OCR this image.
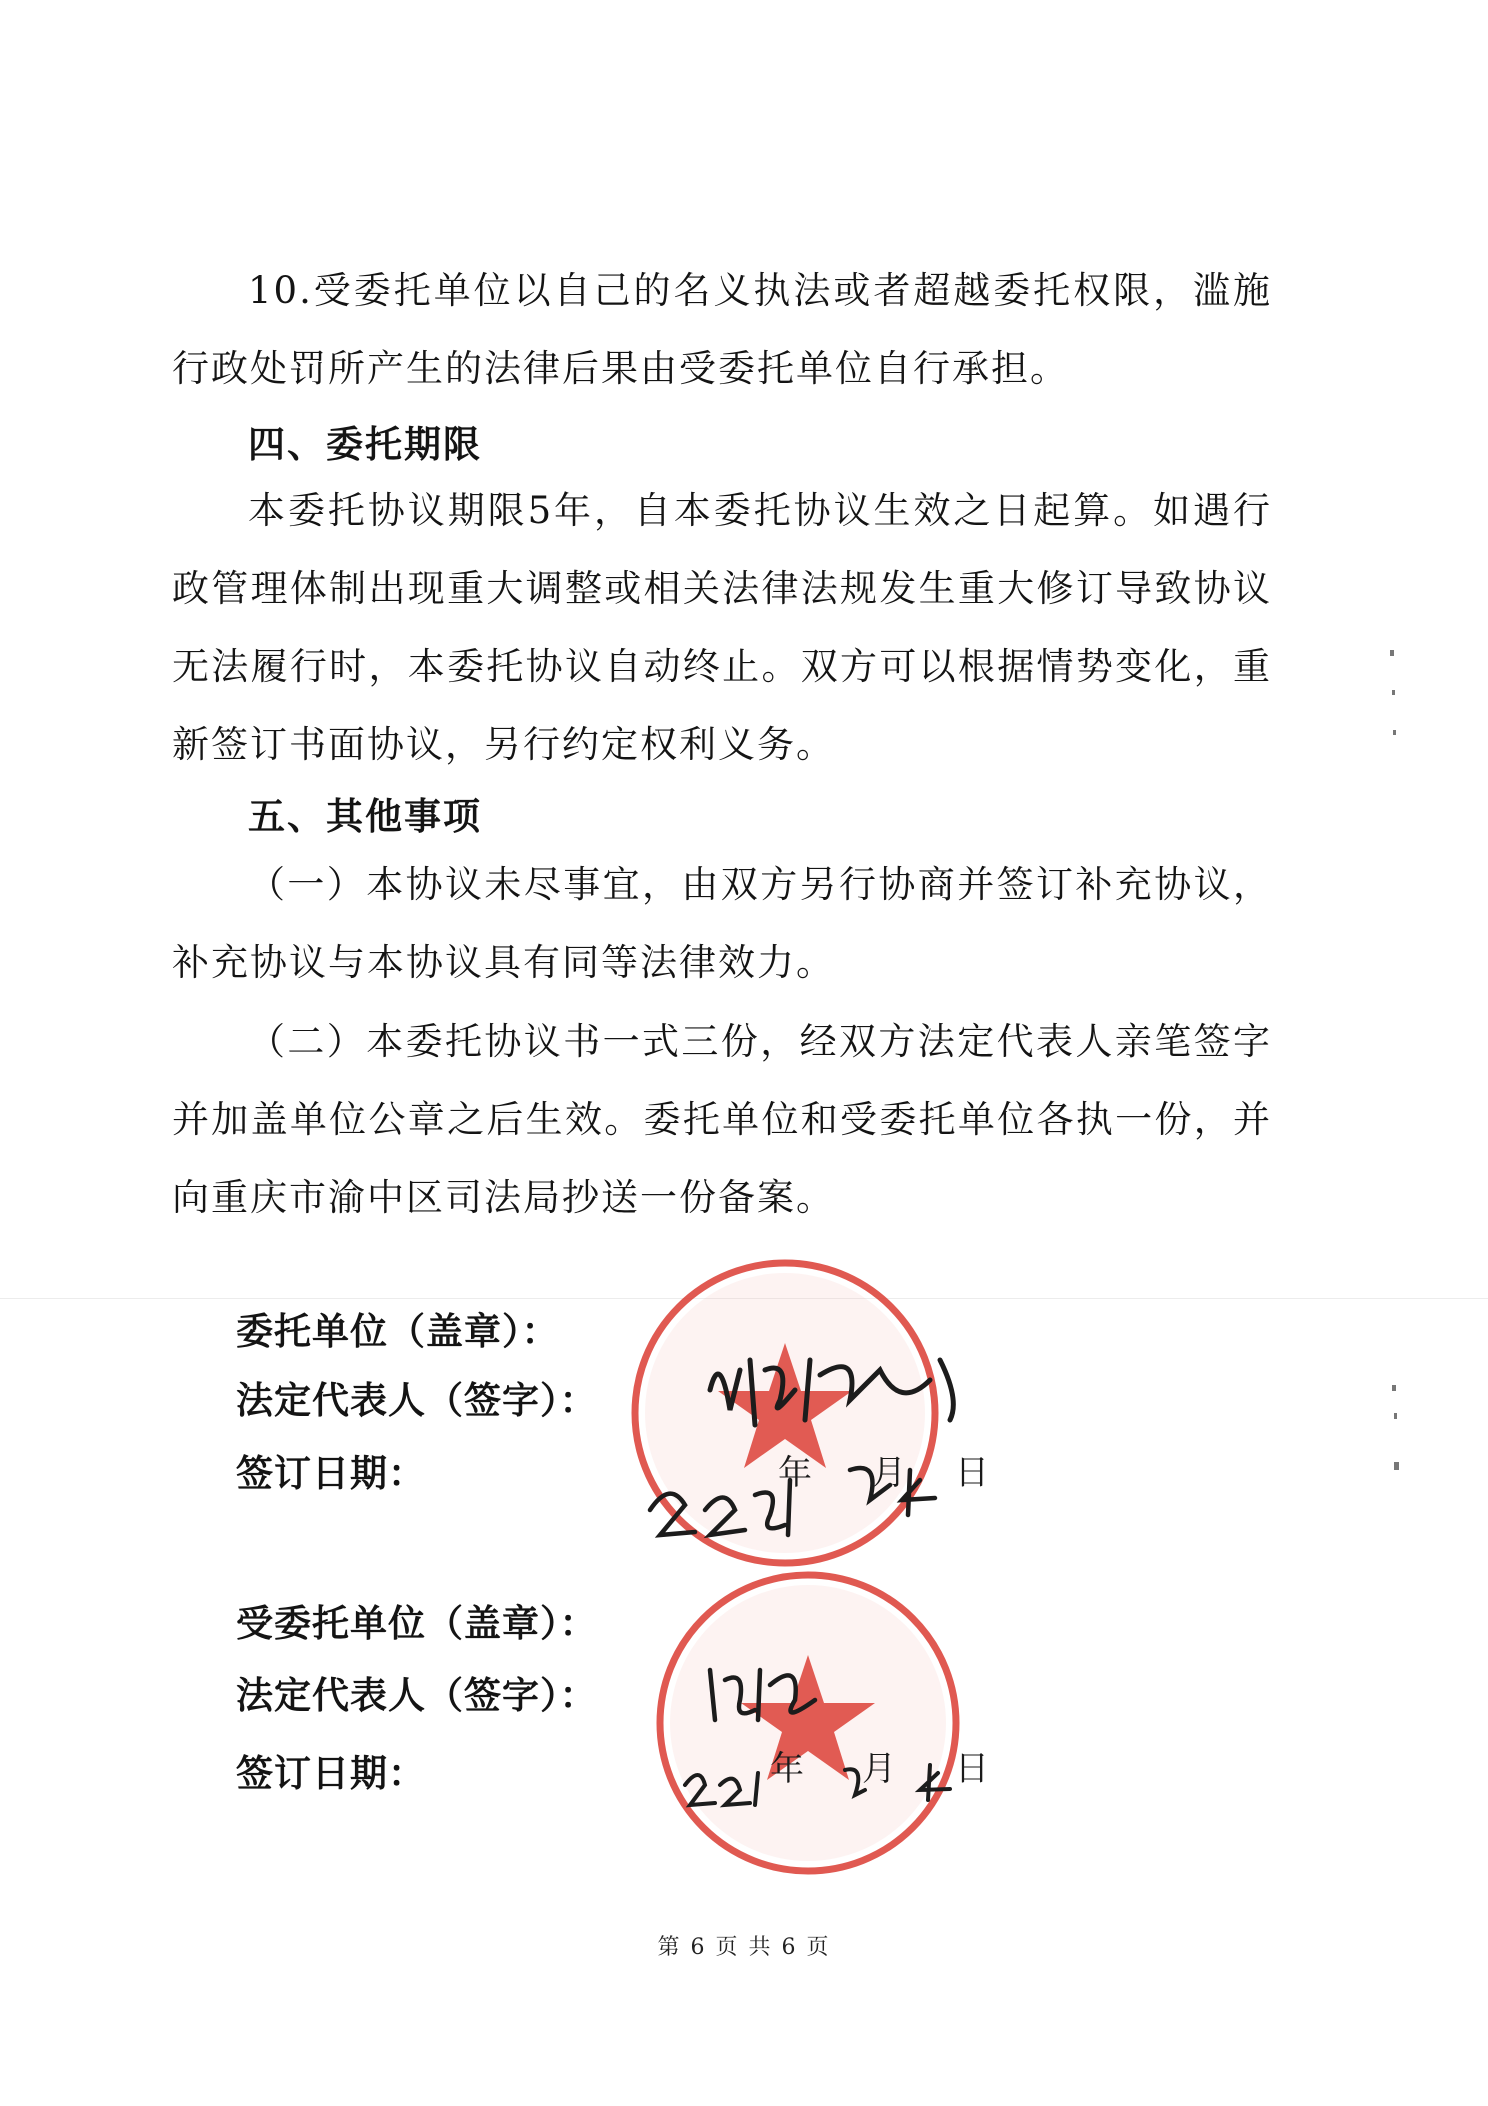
10.受委托单位以自己的名义执法或者超越委托权限，滥施行政处罚所产生的法律后果由受委托单位自行承担。

四、委托期限

本委托协议期限5年，自本委托协议生效之日起算。如遇行政管理体制出现重大调整或相关法律法规发生重大修订导致协议无法履行时，本委托协议自动终止。双方可以根据情势变化，重新签订书面协议，另行约定权利义务。

五、其他事项

（一）本协议未尽事宜，由双方另行协商并签订补充协议，补充协议与本协议具有同等法律效力。

（二）本委托协议书一式三份，经双方法定代表人亲笔签字并加盖单位公章之后生效。委托单位和受委托单位各执一份，并向重庆市渝中区司法局抄送一份备案。

委托单位（盖章）：

法定代表人（签字）：

签订日期：	年 月 日

受委托单位（盖章）：

法定代表人（签字）：

签订日期：	年 月 日
第 6 页 共 6 页
